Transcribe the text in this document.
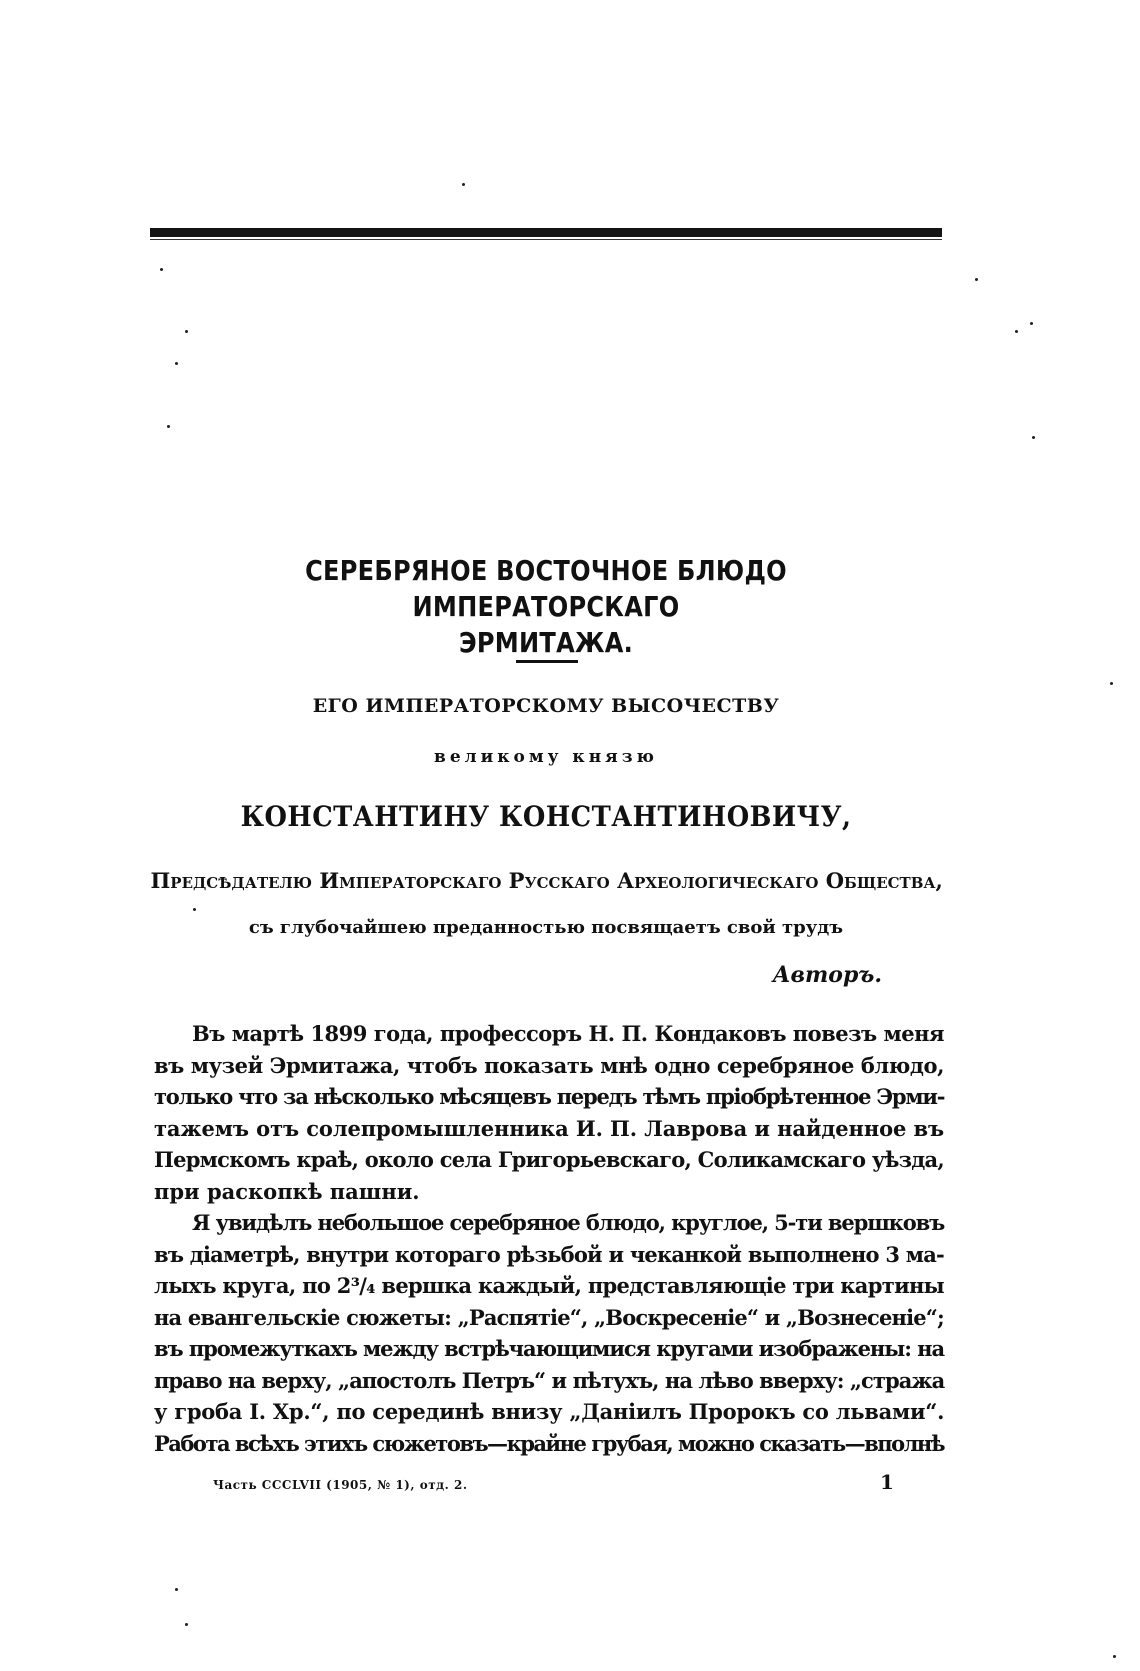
СЕРЕБРЯНОЕ ВОСТОЧНОЕ БЛЮДО ИМПЕРАТОРСКАГО
ЭРМИТАЖА.
ЕГО ИМПЕРАТОРСКОМУ ВЫСОЧЕСТВУ
великому князю
КОНСТАНТИНУ КОНСТАНТИНОВИЧУ,
Предсѣдателю Императорскаго Русскаго Археологическаго Общества,
съ глубочайшею преданностью посвящаетъ свой трудъ
Авторъ.
Въ мартѣ 1899 года, профессоръ Н. П. Кондаковъ повезъ меня
въ музей Эрмитажа, чтобъ показать мнѣ одно серебряное блюдо,
только что за нѣсколько мѣсяцевъ передъ тѣмъ пріобрѣтенное Эрми-
тажемъ отъ солепромышленника И. П. Лаврова и найденное въ
Пермскомъ краѣ, около села Григорьевскаго, Соликамскаго уѣзда,
при раскопкѣ пашни.
Я увидѣлъ небольшое серебряное блюдо, круглое, 5-ти вершковъ
въ діаметрѣ, внутри котораго рѣзьбой и чеканкой выполнено 3 ма-
лыхъ круга, по 2³/₄ вершка каждый, представляющіе три картины
на евангельскіе сюжеты: „Распятіе“, „Воскресеніе“ и „Вознесеніе“;
въ промежуткахъ между встрѣчающимися кругами изображены: на
право на верху, „апостолъ Петръ“ и пѣтухъ, на лѣво вверху: „стража
у гроба І. Хр.“, по серединѣ внизу „Даніилъ Пророкъ со львами“.
Работа всѣхъ этихъ сюжетовъ—крайне грубая, можно сказать—вполнѣ
Часть CCCLVII (1905, № 1), отд. 2.	1
